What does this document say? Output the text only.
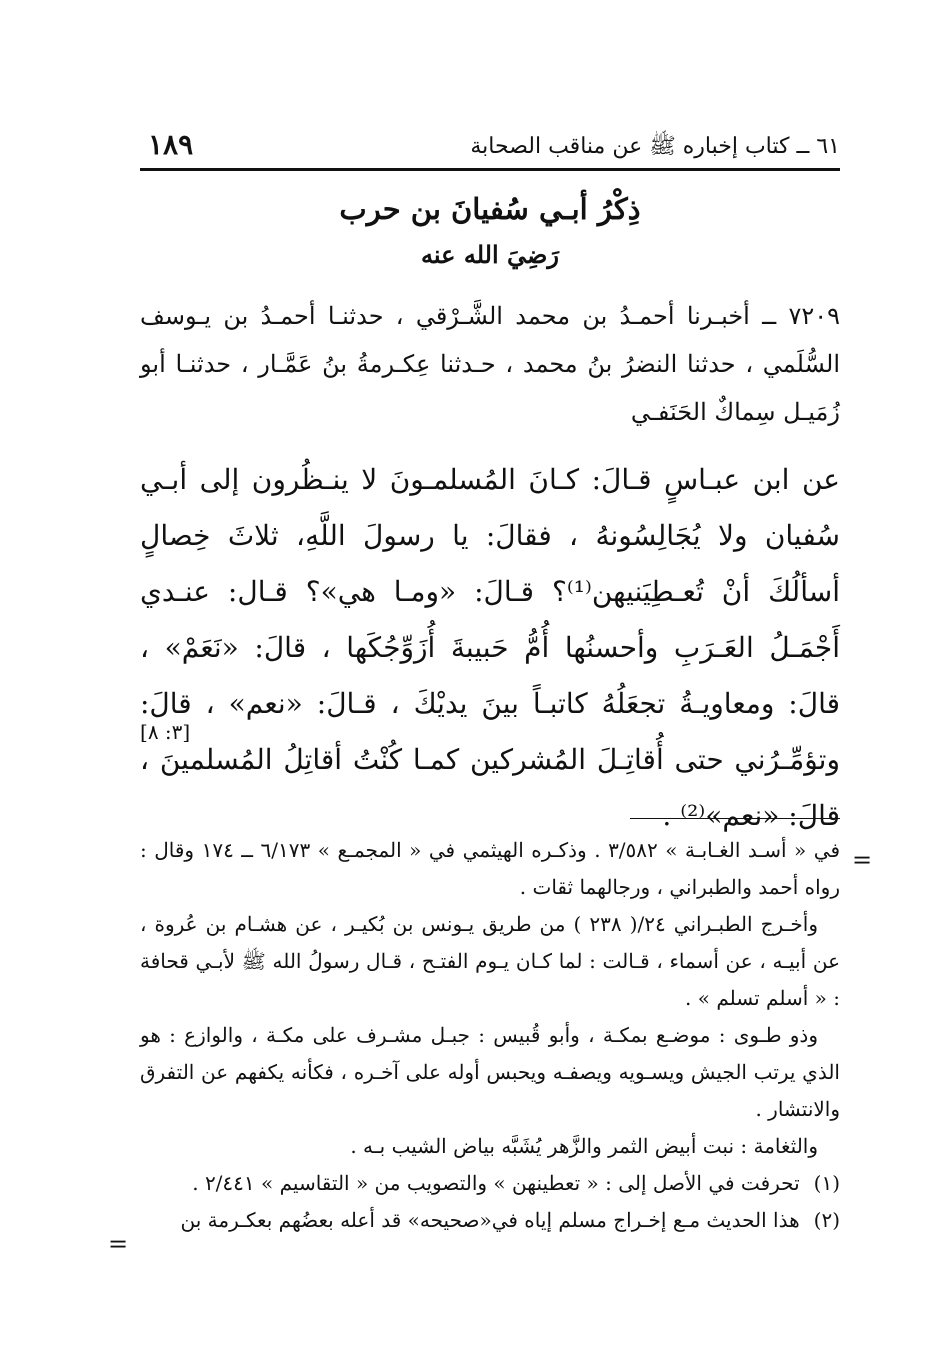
١٨٩	٦١ ــ كتاب إخباره ﷺ عن مناقب الصحابة
ذِكْرُ أبـي سُفيانَ بن حرب
رَضِيَ الله عنه
٧٢٠٩ ــ أخبـرنا أحمـدُ بن محمد الشَّـرْقي ، حدثنـا أحمـدُ بن يـوسف السُّلَمي ، حدثنا النضرُ بنُ محمد ، حـدثنا عِكـرمةُ بنُ عَمَّـار ، حدثنـا أبو زُمَيـل سِماكٌ الحَنَفـي
عن ابن عبـاسٍ قـالَ: كـانَ المُسلمـونَ لا ينـظُرون إلى أبـي سُفيان ولا يُجَالِسُونهُ ، فقالَ: يا رسولَ اللَّهِ، ثلاثَ خِصالٍ أسألُكَ أنْ تُعـطِيَنيهن⁽¹⁾؟ قـالَ: «ومـا هي»؟ قـال: عنـدي أَجْمَـلُ العَـرَبِ وأحسنُها أُمُّ حَبيبةَ أُزَوِّجُكَها ، قالَ: «نَعَمْ» ، قالَ: ومعاويـةُ تجعَلُهُ كاتبـاً بينَ يديْكَ ، قـالَ: «نعم» ، قالَ: وتؤمِّـرُني حتى أُقاتِـلَ المُشركين كمـا كُنْتُ أقاتِلُ المُسلمينَ ، قالَ: «نعم»⁽²⁾ .
[٣: ٨]
=
=

في « أسـد الغـابـة » ٣/٥٨٢ . وذكـره الهيثمي في « المجمـع » ٦/١٧٣ ــ ١٧٤ وقال : رواه أحمد والطبراني ، ورجالهما ثقات .

وأخـرج الطبـراني ٢٤/( ٢٣٨ ) من طريق يـونس بن بُكيـر ، عن هشـام بن عُروة ، عن أبيـه ، عن أسماء ، قـالت : لما كـان يـوم الفتـح ، قـال رسولُ الله ﷺ لأبـي قحافة : « أسلم تسلم » .

وذو طـوى : موضـع بمكـة ، وأبو قُبيس : جبـل مشـرف على مكـة ، والوازع : هو الذي يرتب الجيش ويسـويه ويصفـه ويحبس أوله على آخـره ، فكأنه يكفهم عن التفرق والانتشار .

والثغامة : نبت أبيض الثمر والزَّهر يُشَبَّه بياض الشيب بـه .

(١) تحرفت في الأصل إلى : « تعطينهن » والتصويب من « التقاسيم » ٢/٤٤١ .

(٢) هذا الحديث مـع إخـراج مسلم إياه في«صحيحه» قد أعله بعضُهم بعكـرمة بن
